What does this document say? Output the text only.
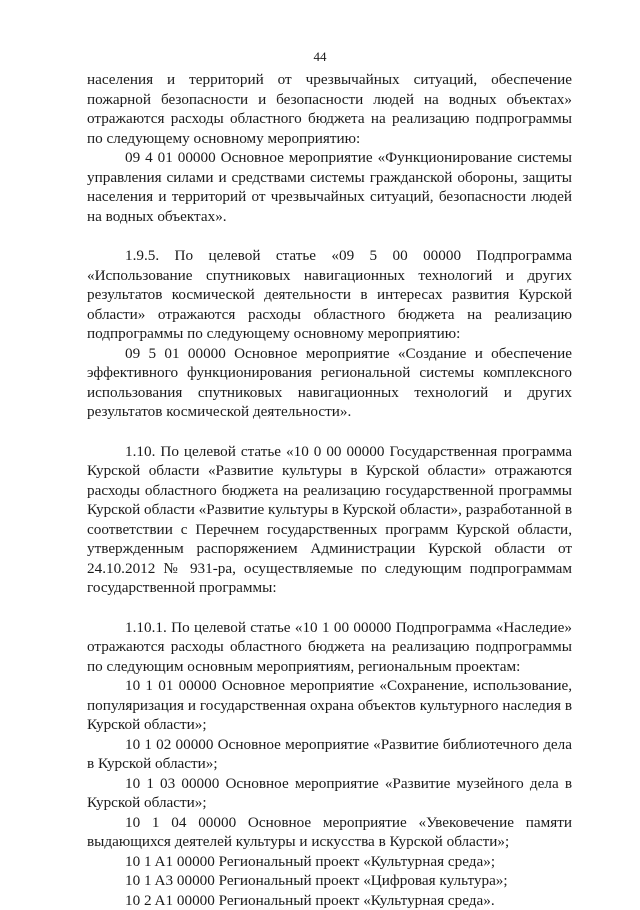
44

населения и территорий от чрезвычайных ситуаций, обеспечение пожарной безопасности и безопасности людей на водных объектах» отражаются расходы областного бюджета на реализацию подпрограммы по следующему основному мероприятию:

09 4 01 00000 Основное мероприятие «Функционирование системы управления силами и средствами системы гражданской обороны, защиты населения и территорий от чрезвычайных ситуаций, безопасности людей на водных объектах».

1.9.5. По целевой статье «09 5 00 00000 Подпрограмма «Использование спутниковых навигационных технологий и других результатов космической деятельности в интересах развития Курской области» отражаются расходы областного бюджета на реализацию подпрограммы по следующему основному мероприятию:

09 5 01 00000 Основное мероприятие «Создание и обеспечение эффективного функционирования региональной системы комплексного использования спутниковых навигационных технологий и других результатов космической деятельности».

1.10. По целевой статье «10 0 00 00000 Государственная программа Курской области «Развитие культуры в Курской области» отражаются расходы областного бюджета на реализацию государственной программы Курской области «Развитие культуры в Курской области», разработанной в соответствии с Перечнем государственных программ Курской области, утвержденным распоряжением Администрации Курской области от 24.10.2012 № 931-ра, осуществляемые по следующим подпрограммам государственной программы:

1.10.1. По целевой статье «10 1 00 00000 Подпрограмма «Наследие» отражаются расходы областного бюджета на реализацию подпрограммы по следующим основным мероприятиям, региональным проектам:

10 1 01 00000 Основное мероприятие «Сохранение, использование, популяризация и государственная охрана объектов культурного наследия в Курской области»;

10 1 02 00000 Основное мероприятие «Развитие библиотечного дела в Курской области»;

10 1 03 00000 Основное мероприятие «Развитие музейного дела в Курской области»;

10 1 04 00000 Основное мероприятие «Увековечение памяти выдающихся деятелей культуры и искусства в Курской области»;

10 1 A1 00000 Региональный проект «Культурная среда»;

10 1 A3 00000 Региональный проект «Цифровая культура»;

10 2 A1 00000 Региональный проект «Культурная среда».
